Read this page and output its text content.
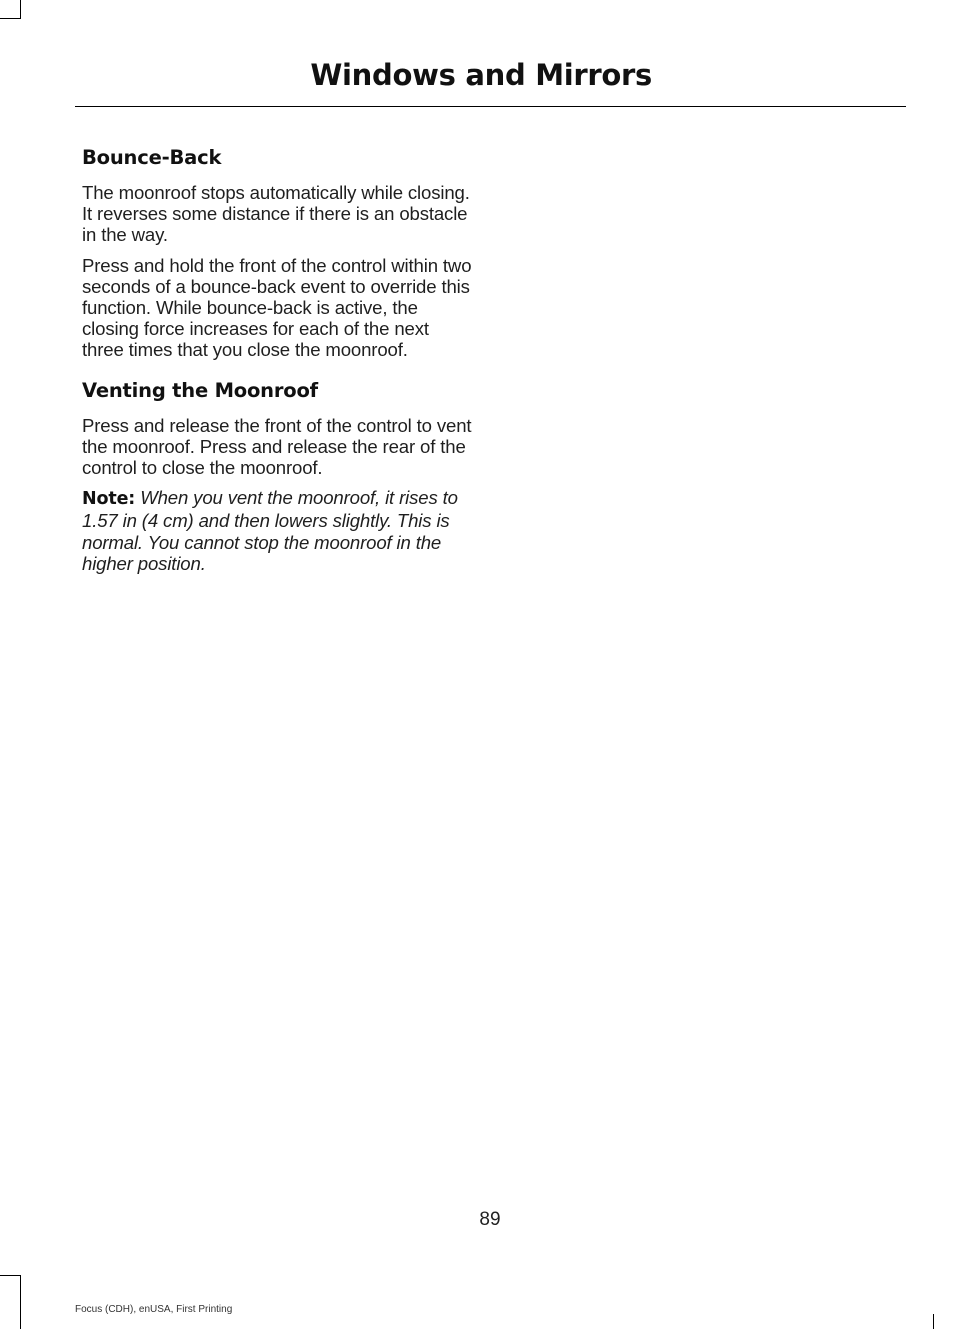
Windows and Mirrors
Bounce-Back

The moonroof stops automatically while closing. It reverses some distance if there is an obstacle in the way.

Press and hold the front of the control within two seconds of a bounce-back event to override this function. While bounce-back is active, the closing force increases for each of the next three times that you close the moonroof.

Venting the Moonroof

Press and release the front of the control to vent the moonroof. Press and release the rear of the control to close the moonroof.

Note: When you vent the moonroof, it rises to 1.57 in (4 cm) and then lowers slightly. This is normal. You cannot stop the moonroof in the higher position.

89
Focus (CDH), enUSA, First Printing
